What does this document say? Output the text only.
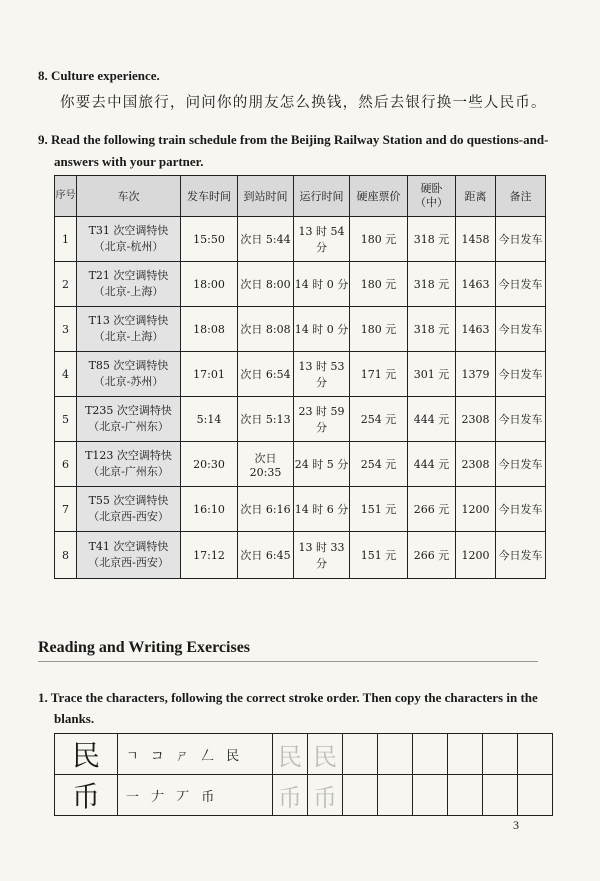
8. Culture experience.
你要去中国旅行，问问你的朋友怎么换钱，然后去银行换一些人民币。
9. Read the following train schedule from the Beijing Railway Station and do questions-and-
answers with your partner.
序号	车次	发车时间	到站时间	运行时间	硬座票价	硬卧（中）	距离	备注
1	T31 次空调特快
（北京-杭州）	15:50	次日 5:44	13 时 54 分	180 元	318 元	1458	今日发车
2	T21 次空调特快
（北京-上海）	18:00	次日 8:00	14 时 0 分	180 元	318 元	1463	今日发车
3	T13 次空调特快
（北京-上海）	18:08	次日 8:08	14 时 0 分	180 元	318 元	1463	今日发车
4	T85 次空调特快
（北京-苏州）	17:01	次日 6:54	13 时 53 分	171 元	301 元	1379	今日发车
5	T235 次空调特快
（北京-广州东）	5:14	次日 5:13	23 时 59 分	254 元	444 元	2308	今日发车
6	T123 次空调特快
（北京-广州东）	20:30	次日 20:35	24 时 5 分	254 元	444 元	2308	今日发车
7	T55 次空调特快
（北京西-西安）	16:10	次日 6:16	14 时 6 分	151 元	266 元	1200	今日发车
8	T41 次空调特快
（北京西-西安）	17:12	次日 6:45	13 时 33 分	151 元	266 元	1200	今日发车
Reading and Writing Exercises
1. Trace the characters, following the correct stroke order. Then copy the characters in the
blanks.
民	ㄱ コ ㄕ 𠃋 民	民	民						
币	一 𠂇 丆 币	币	币						
3
